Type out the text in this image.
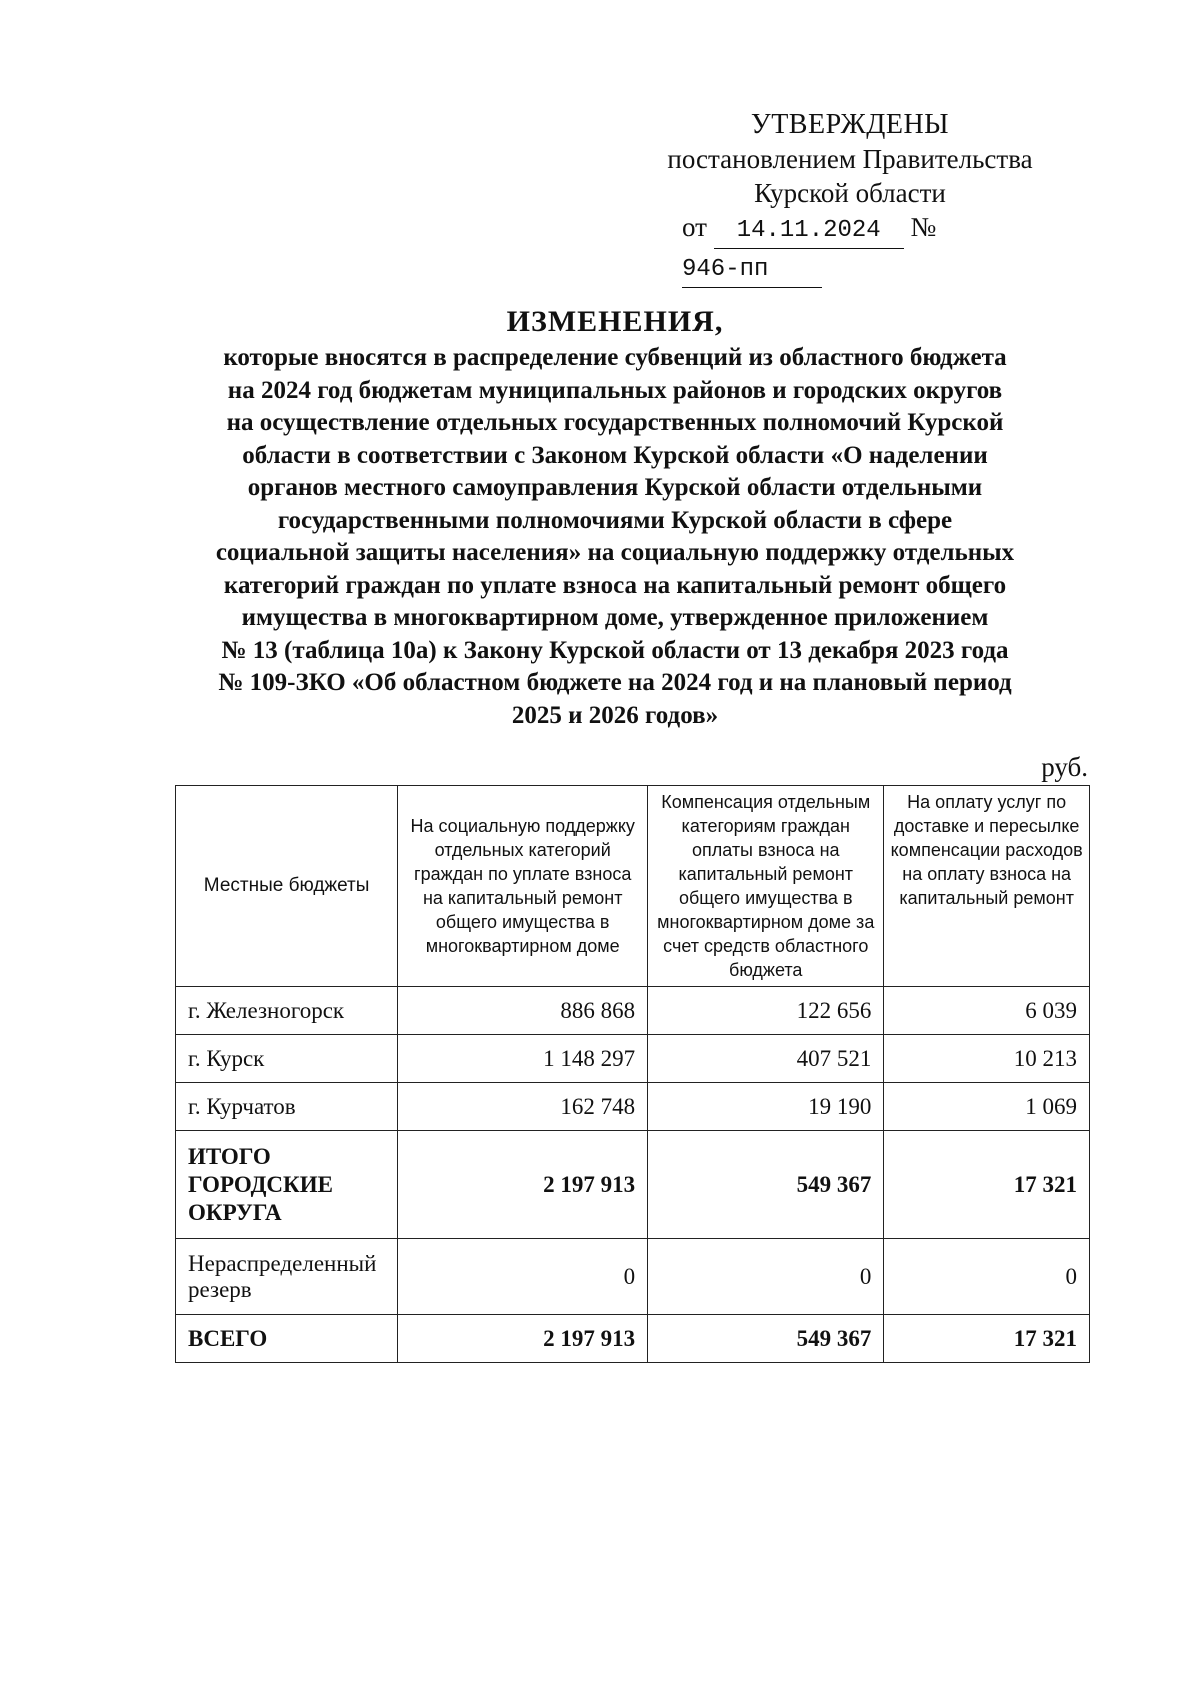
УТВЕРЖДЕНЫ
постановлением Правительства
Курской области
от 14.11.2024 № 946-пп
ИЗМЕНЕНИЯ,
которые вносятся в распределение субвенций из областного бюджета
на 2024 год бюджетам муниципальных районов и городских округов
на осуществление отдельных государственных полномочий Курской
области в соответствии с Законом Курской области «О наделении
органов местного самоуправления Курской области отдельными
государственными полномочиями Курской области в сфере
социальной защиты населения» на социальную поддержку отдельных
категорий граждан по уплате взноса на капитальный ремонт общего
имущества в многоквартирном доме, утвержденное приложением
№ 13 (таблица 10а) к Закону Курской области от 13 декабря 2023 года
№ 109-ЗКО «Об областном бюджете на 2024 год и на плановый период
2025 и 2026 годов»
руб.
Местные бюджеты	На социальную поддержку отдельных категорий граждан по уплате взноса на капитальный ремонт общего имущества в многоквартирном доме	Компенсация отдельным категориям граждан оплаты взноса на капитальный ремонт общего имущества в многоквартирном доме за счет средств областного бюджета	На оплату услуг по доставке и пересылке компенсации расходов на оплату взноса на капитальный ремонт
г. Железногорск	886 868	122 656	6 039
г. Курск	1 148 297	407 521	10 213
г. Курчатов	162 748	19 190	1 069
ИТОГО ГОРОДСКИЕ ОКРУГА	2 197 913	549 367	17 321
Нераспределенный резерв	0	0	0
ВСЕГО	2 197 913	549 367	17 321
